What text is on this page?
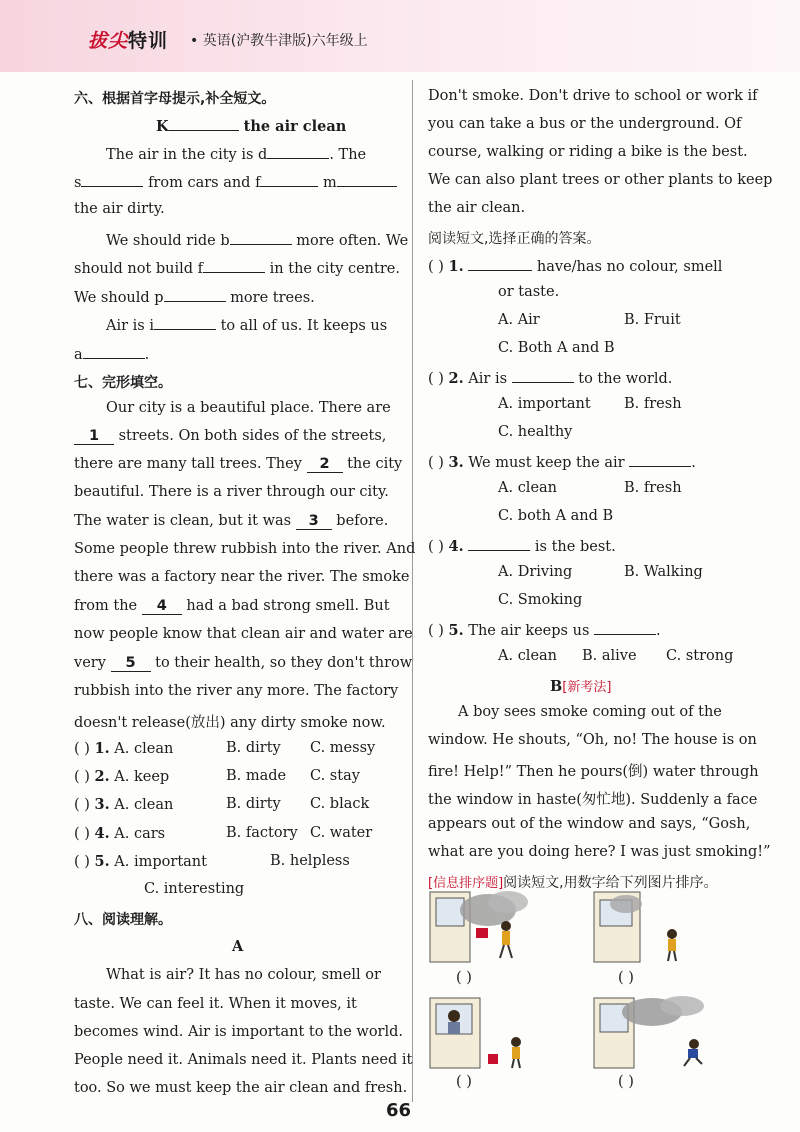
拔尖特训 • 英语(沪教牛津版)六年级上
六、根据首字母提示,补全短文。
K	the air clean
The air in the city is d	. The
s	from cars and f	m
the air dirty.
We should ride b	more often. We
should not build f	in the city centre.
We should p	more trees.
Air is i	to all of us. It keeps us
a	.
七、完形填空。
Our city is a beautiful place. There are
1 streets. On both sides of the streets,
there are many tall trees. They 2 the city
beautiful. There is a river through our city.
The water is clean, but it was 3 before.
Some people threw rubbish into the river. And
there was a factory near the river. The smoke
from the 4 had a bad strong smell. But
now people know that clean air and water are
very 5 to their health, so they don't throw
rubbish into the river any more. The factory
doesn't release(放出) any dirty smoke now.
( ) 1. A. clean	B. dirty C. messy
( ) 2. A. keep	B. made C. stay
( ) 3. A. clean	B. dirty C. black
( ) 4. A. cars	B. factory C. water
( ) 5. A. important	B. helpless
C. interesting
八、阅读理解。
A
What is air? It has no colour, smell or
taste. We can feel it. When it moves, it
becomes wind. Air is important to the world.
People need it. Animals need it. Plants need it
too. So we must keep the air clean and fresh.
Don't smoke. Don't drive to school or work if
you can take a bus or the underground. Of
course, walking or riding a bike is the best.
We can also plant trees or other plants to keep
the air clean.
阅读短文,选择正确的答案。
( ) 1.	have/has no colour, smell
or taste.
A. Air	B. Fruit
C. Both A and B
( ) 2. Air is	to the world.
A. important B. fresh
C. healthy
( ) 3. We must keep the air	.
A. clean	B. fresh
C. both A and B
( ) 4.	is the best.
A. Driving	B. Walking
C. Smoking
( ) 5. The air keeps us	.
A. clean B. alive C. strong
B[新考法]
A boy sees smoke coming out of the
window. He shouts, “Oh, no! The house is on
fire! Help!” Then he pours(倒) water through
the window in haste(匆忙地). Suddenly a face
appears out of the window and says, “Gosh,
what are you doing here? I was just smoking!”
[信息排序题]阅读短文,用数字给下列图片排序。
( )	( )
( )	( )
66
